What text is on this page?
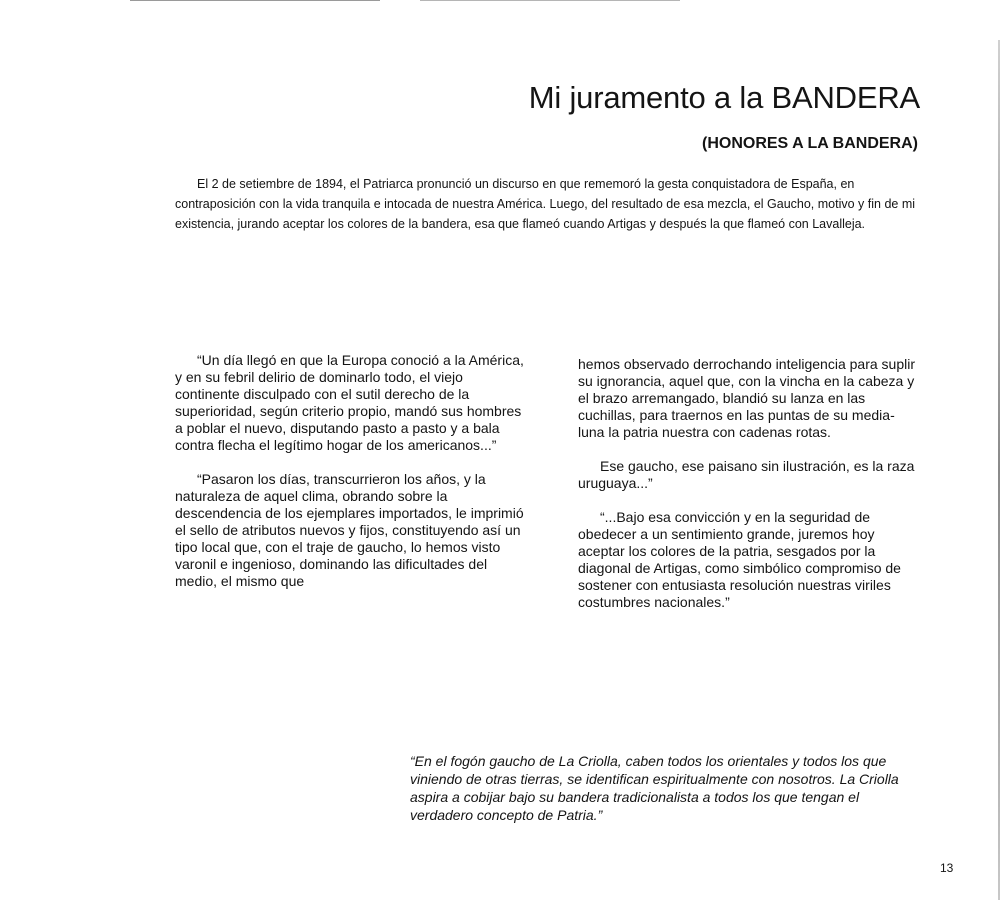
Mi juramento a la BANDERA
(HONORES A LA BANDERA)

El 2 de setiembre de 1894, el Patriarca pronunció un discurso en que rememoró la gesta conquistadora de España, en contraposición con la vida tranquila e intocada de nuestra América. Luego, del resultado de esa mezcla, el Gaucho, motivo y fin de mi existencia, jurando aceptar los colores de la bandera, esa que flameó cuando Artigas y después la que flameó con Lavalleja.

“Un día llegó en que la Europa conoció a la América, y en su febril delirio de dominarlo todo, el viejo continente disculpado con el sutil derecho de la superioridad, según criterio propio, mandó sus hombres a poblar el nuevo, disputando pasto a pasto y a bala contra flecha el legítimo hogar de los americanos...”

“Pasaron los días, transcurrieron los años, y la naturaleza de aquel clima, obrando sobre la descendencia de los ejemplares importados, le imprimió el sello de atributos nuevos y fijos, constituyendo así un tipo local que, con el traje de gaucho, lo hemos visto varonil e ingenioso, dominando las dificultades del medio, el mismo que

hemos observado derrochando inteligencia para suplir su ignorancia, aquel que, con la vincha en la cabeza y el brazo arremangado, blandió su lanza en las cuchillas, para traernos en las puntas de su media-luna la patria nuestra con cadenas rotas.

Ese gaucho, ese paisano sin ilustración, es la raza uruguaya...”

“...Bajo esa convicción y en la seguridad de obedecer a un sentimiento grande, juremos hoy aceptar los colores de la patria, sesgados por la diagonal de Artigas, como simbólico compromiso de sostener con entusiasta resolución nuestras viriles costumbres nacionales.”

“En el fogón gaucho de La Criolla, caben todos los orientales y todos los que viniendo de otras tierras, se identifican espiritualmente con nosotros. La Criolla aspira a cobijar bajo su bandera tradicionalista a todos los que tengan el verdadero concepto de Patria.”

13
